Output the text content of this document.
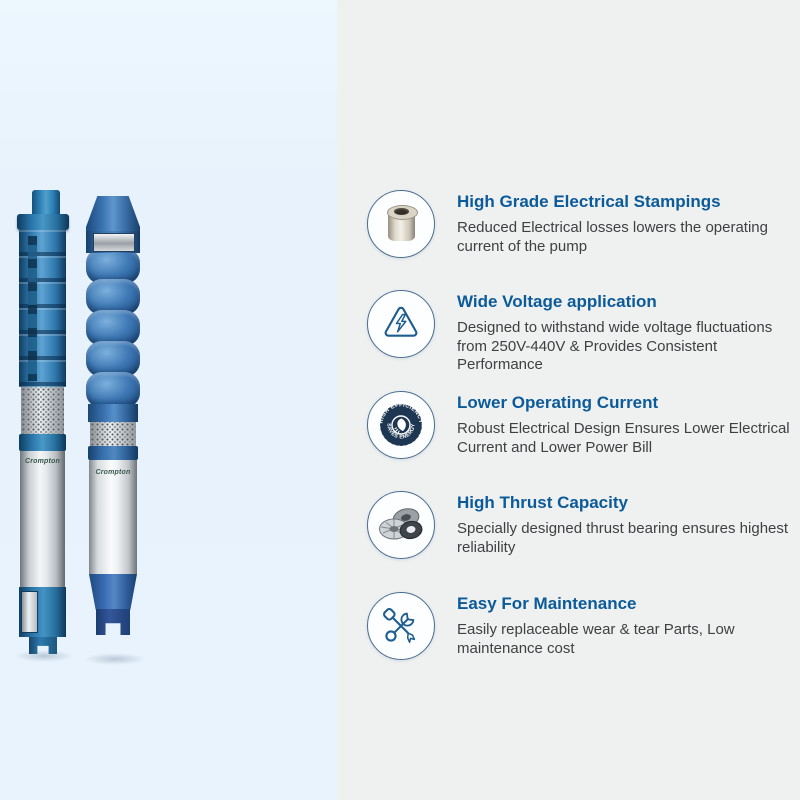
Crompton
Crompton
High Grade Electrical Stampings

Reduced Electrical losses lowers the operating current of the pump

Wide Voltage application

Designed to withstand wide voltage fluctuations from 250V-440V & Provides Consistent Performance

HIGH EFFICIENCY
SAVES ENERGY
Lower Operating Current

Robust Electrical Design Ensures Lower Electrical Current and Lower Power Bill

High Thrust Capacity

Specially designed thrust bearing ensures highest reliability

Easy For Maintenance

Easily replaceable wear & tear Parts, Low maintenance cost
